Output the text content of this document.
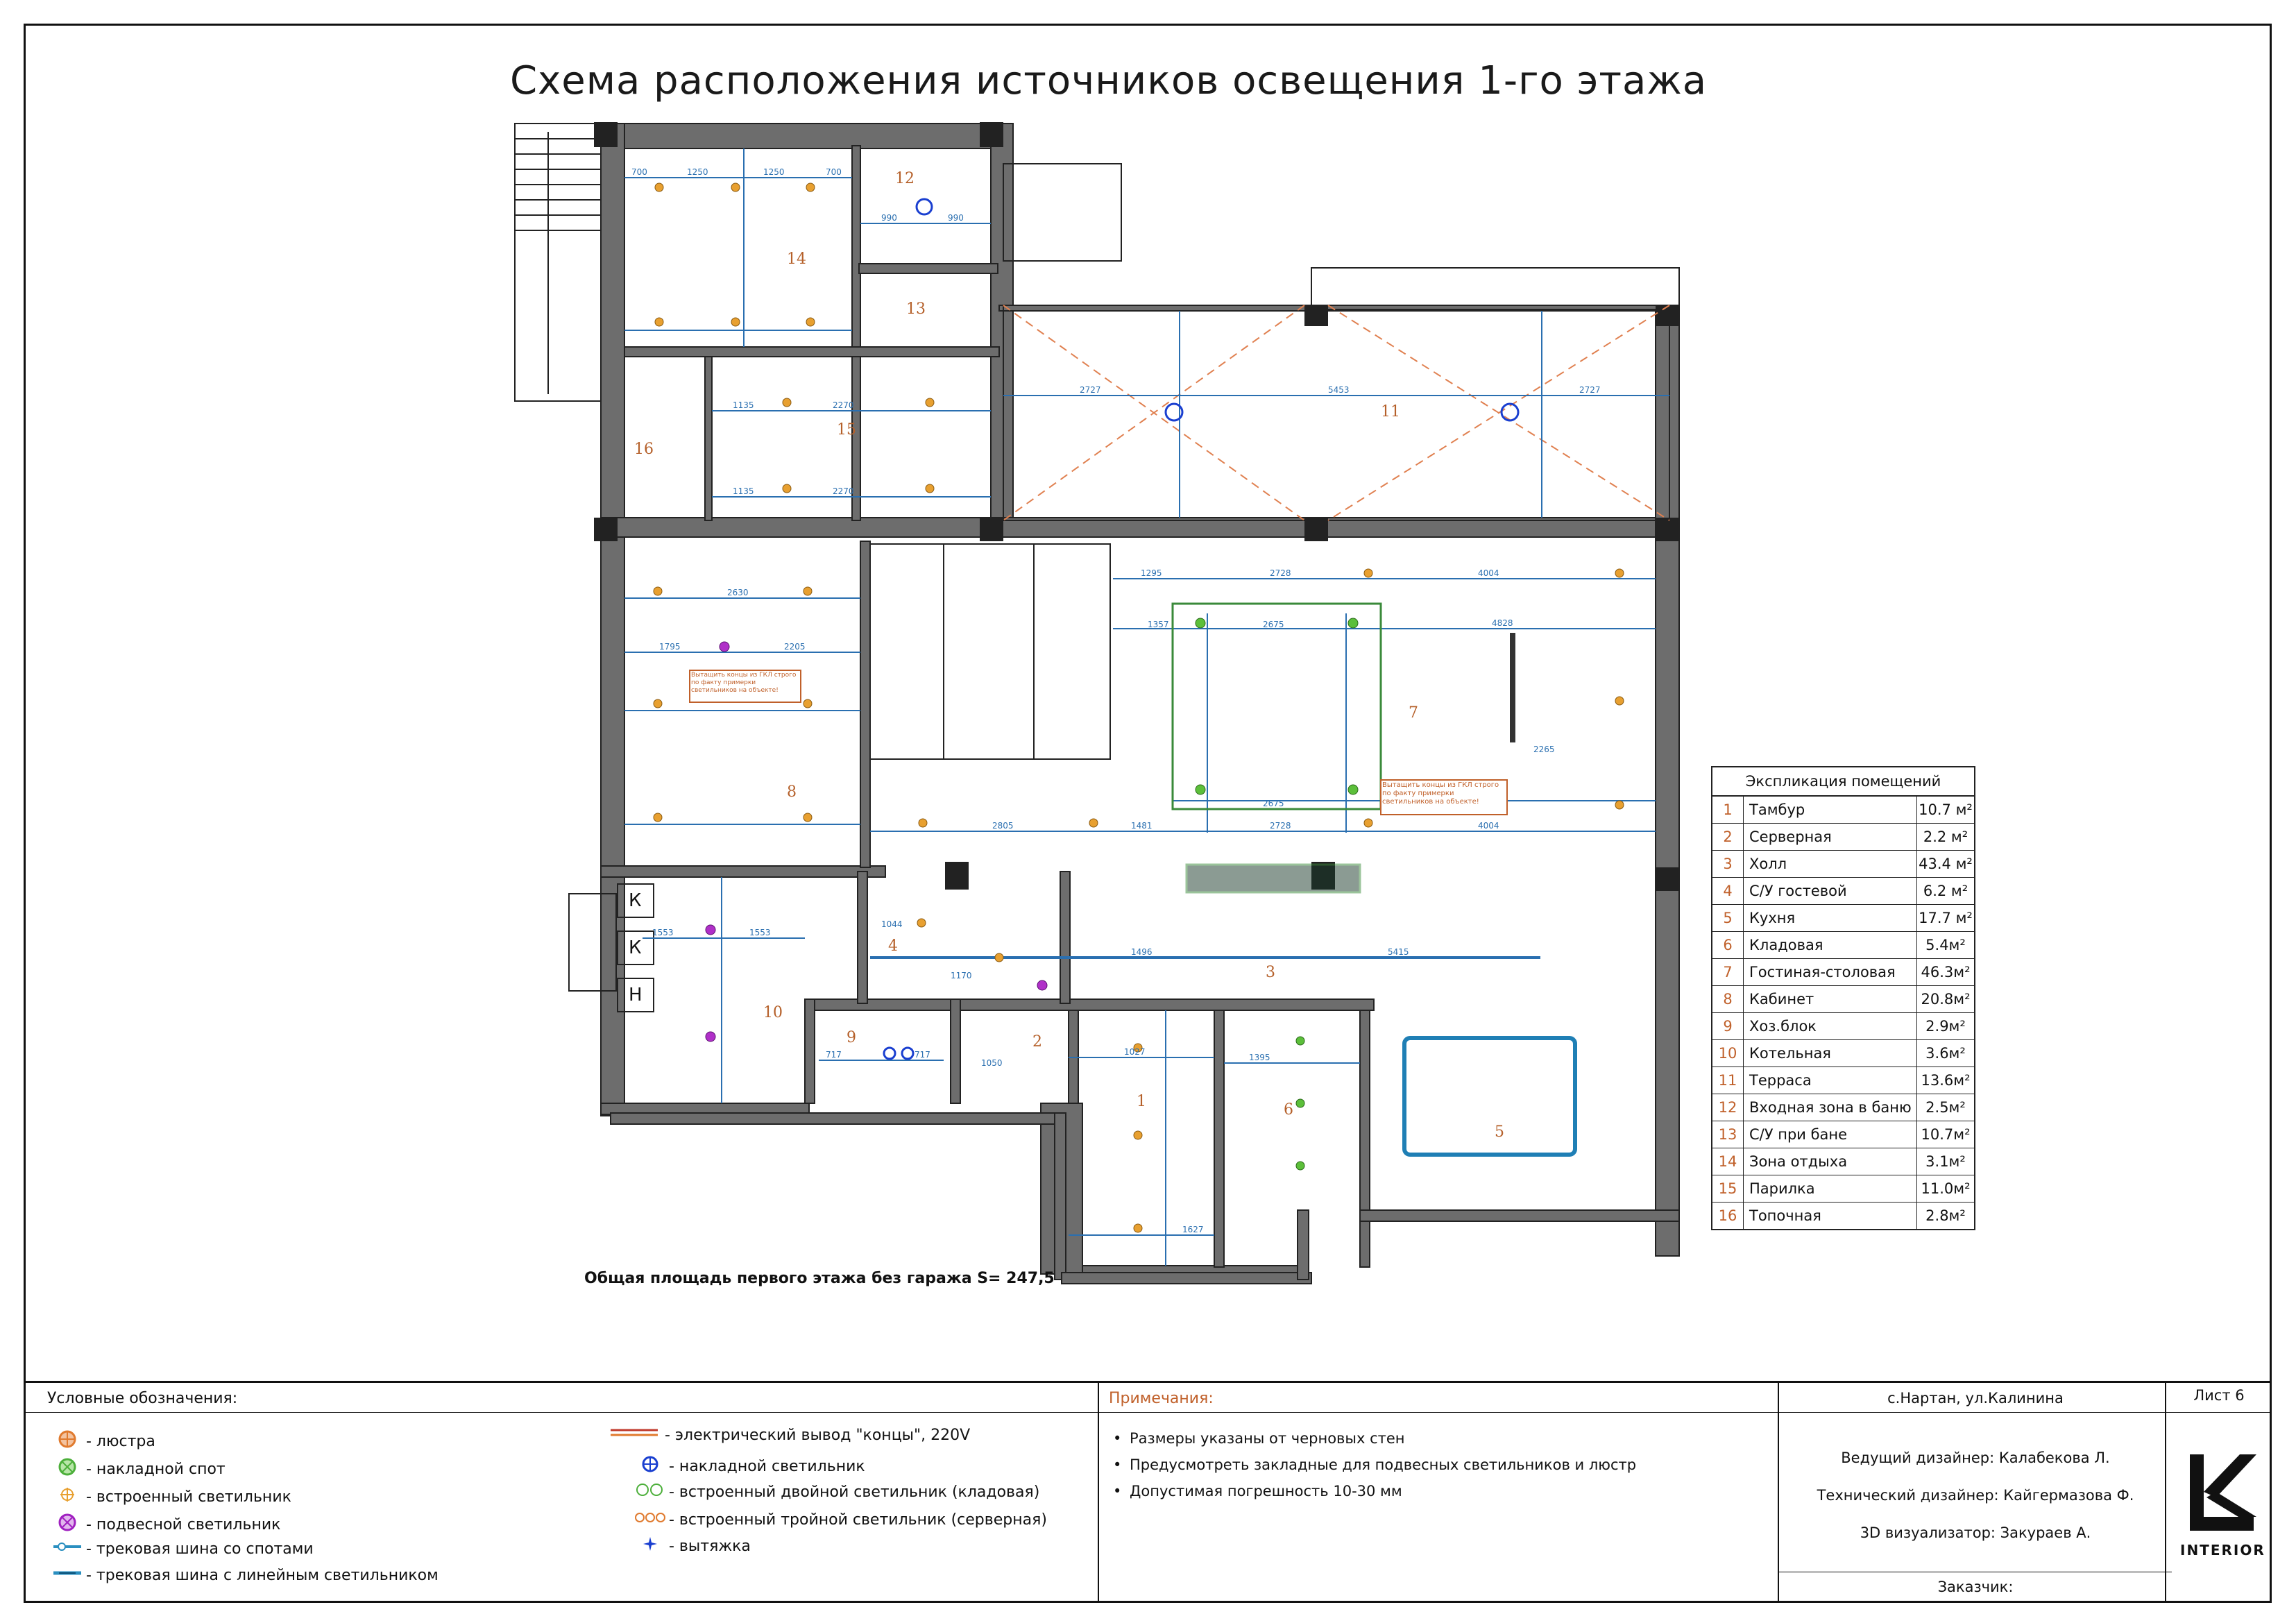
Схема расположения источников освещения 1-го этажа
1
2
3
4
5
6
7
8
9
10
11
12
13
14
15
16
К
К
Н
700	1250	1250	700
990	990
2270
1135
1135	2270
2727	5453	2727
2630
1795	2205
2675
2728	4004
2675
2728	4004
1553	1553
1044
1170
1496	5415
1027
1627
1395
717	717
1050
2805	1481
4828
2265
1357
1295
Вытащить концы из ГКЛ строго по факту примерки светильников на объекте!
Вытащить концы из ГКЛ строго по факту примерки светильников на объекте!
Общая площадь первого этажа без гаража S= 247,5
Экспликация помещений
1	Тамбур	10.7 м²
2	Серверная	2.2 м²
3	Холл	43.4 м²
4	С/У гостевой	6.2 м²
5	Кухня	17.7 м²
6	Кладовая	5.4м²
7	Гостиная-столовая	46.3м²
8	Кабинет	20.8м²
9	Хоз.блок	2.9м²
10 Котельная	3.6м²
11 Терраса	13.6м²
12 Входная зона в баню 2.5м²
13 С/У при бане	10.7м²
14 Зона отдыха	3.1м²
15 Парилка	11.0м²
16 Топочная	2.8м²
Условные обозначения:
- люстра
- накладной спот
- встроенный светильник
- подвесной светильник
- трековая шина со спотами
- трековая шина с линейным светильником
- электрический вывод "концы", 220V
- накладной светильник
- встроенный двойной светильник (кладовая)
- встроенный тройной светильник (серверная)
- вытяжка
Примечания:
• Размеры указаны от черновых стен
• Предусмотреть закладные для подвесных светильников и люстр
• Допустимая погрешность 10-30 мм
с.Нартан, ул.Калинина
Ведущий дизайнер: Калабекова Л.
Технический дизайнер: Кайгермазова Ф.
3D визуализатор: Закураев А.
Заказчик:
Лист 6
INTERIOR
